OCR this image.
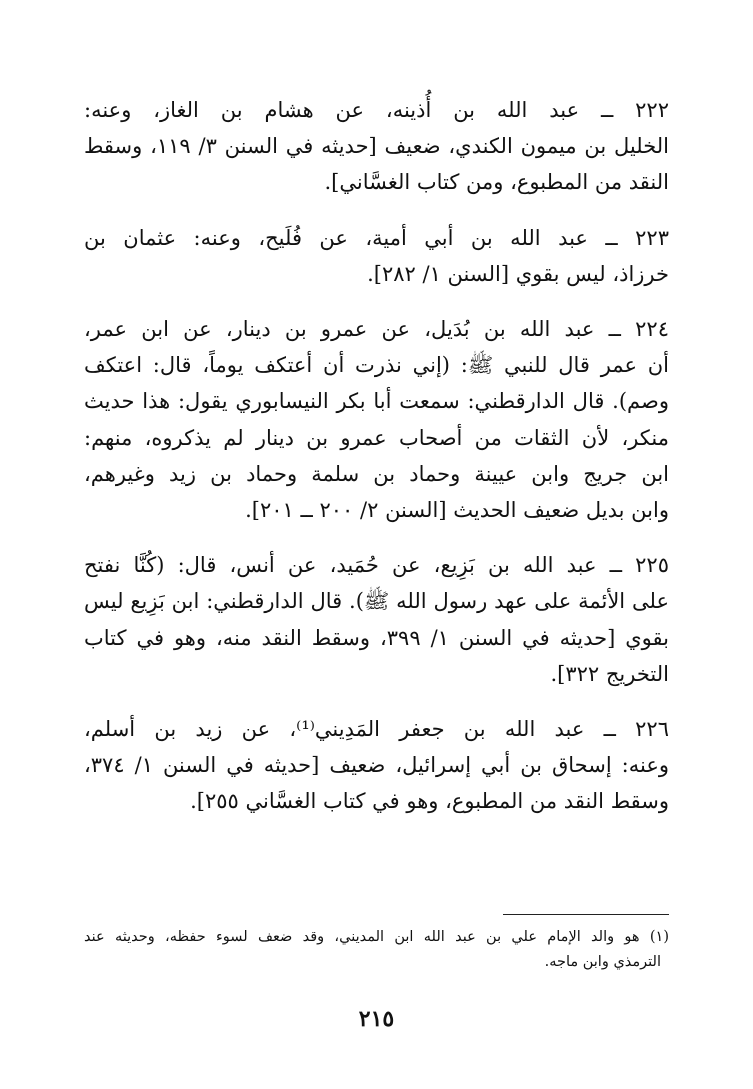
٢٢٢ ــ عبد الله بن أُذينه، عن هشام بن الغاز، وعنه:
الخليل بن ميمون الكندي، ضعيف [حديثه في السنن ٣/ ١١٩، وسقط
النقد من المطبوع، ومن كتاب الغسَّاني].
٢٢٣ ــ عبد الله بن أبي أمية، عن فُلَيح، وعنه: عثمان بن
خرزاذ، ليس بقوي [السنن ١/ ٢٨٢].
٢٢٤ ــ عبد الله بن بُدَيل، عن عمرو بن دينار، عن ابن عمر،
أن عمر قال للنبي ﷺ: (إني نذرت أن أعتكف يوماً، قال: اعتكف
وصم). قال الدارقطني: سمعت أبا بكر النيسابوري يقول: هذا حديث
منكر، لأن الثقات من أصحاب عمرو بن دينار لم يذكروه، منهم:
ابن جريج وابن عيينة وحماد بن سلمة وحماد بن زيد وغيرهم،
وابن بديل ضعيف الحديث [السنن ٢/ ٢٠٠ ــ ٢٠١].
٢٢٥ ــ عبد الله بن بَزِيع، عن حُمَيد، عن أنس، قال: (كُنَّا نفتح
على الأئمة على عهد رسول الله ﷺ). قال الدارقطني: ابن بَزِيع ليس
بقوي [حديثه في السنن ١/ ٣٩٩، وسقط النقد منه، وهو في كتاب
التخريج ٣٢٢].
٢٢٦ ــ عبد الله بن جعفر المَدِيني⁽¹⁾، عن زيد بن أسلم،
وعنه: إسحاق بن أبي إسرائيل، ضعيف [حديثه في السنن ١/ ٣٧٤،
وسقط النقد من المطبوع، وهو في كتاب الغسَّاني ٢٥٥].
(١) هو والد الإمام علي بن عبد الله ابن المديني، وقد ضعف لسوء حفظه، وحديثه عند
الترمذي وابن ماجه.
٢١٥
